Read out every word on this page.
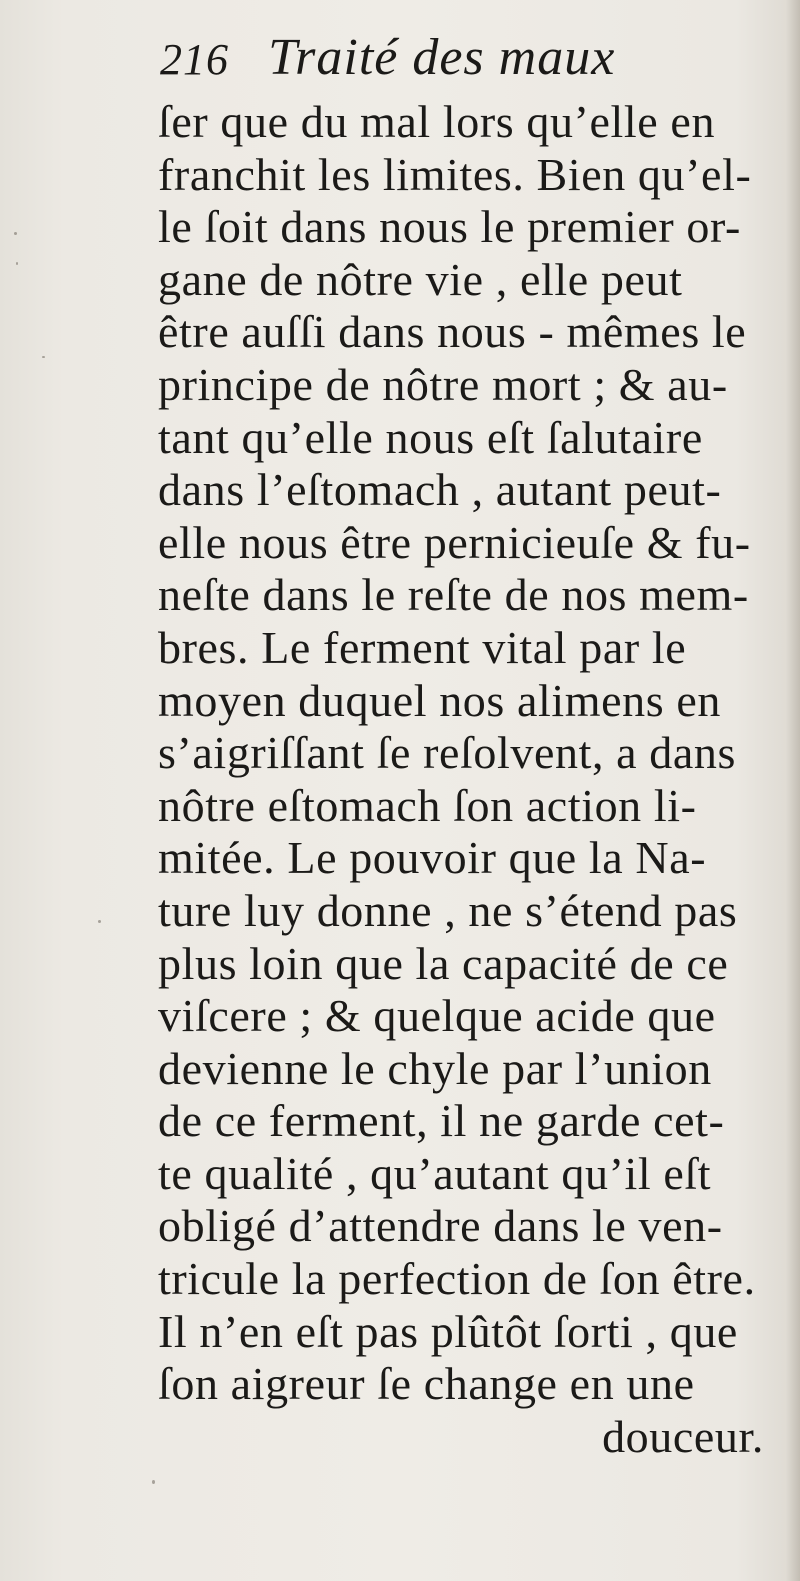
216 Traité des maux
ſer que du mal lors qu’elle en
franchit les limites. Bien qu’el-
le ſoit dans nous le premier or-
gane de nôtre vie , elle peut
être auſſi dans nous - mêmes le
principe de nôtre mort ; & au-
tant qu’elle nous eſt ſalutaire
dans l’eſtomach , autant peut-
elle nous être pernicieuſe & fu-
neſte dans le reſte de nos mem-
bres. Le ferment vital par le
moyen duquel nos alimens en
s’aigriſſant ſe reſolvent, a dans
nôtre eſtomach ſon action li-
mitée. Le pouvoir que la Na-
ture luy donne , ne s’étend pas
plus loin que la capacité de ce
viſcere ; & quelque acide que
devienne le chyle par l’union
de ce ferment, il ne garde cet-
te qualité , qu’autant qu’il eſt
obligé d’attendre dans le ven-
tricule la perfection de ſon être.
Il n’en eſt pas plûtôt ſorti , que
ſon aigreur ſe change en une
douceur.
